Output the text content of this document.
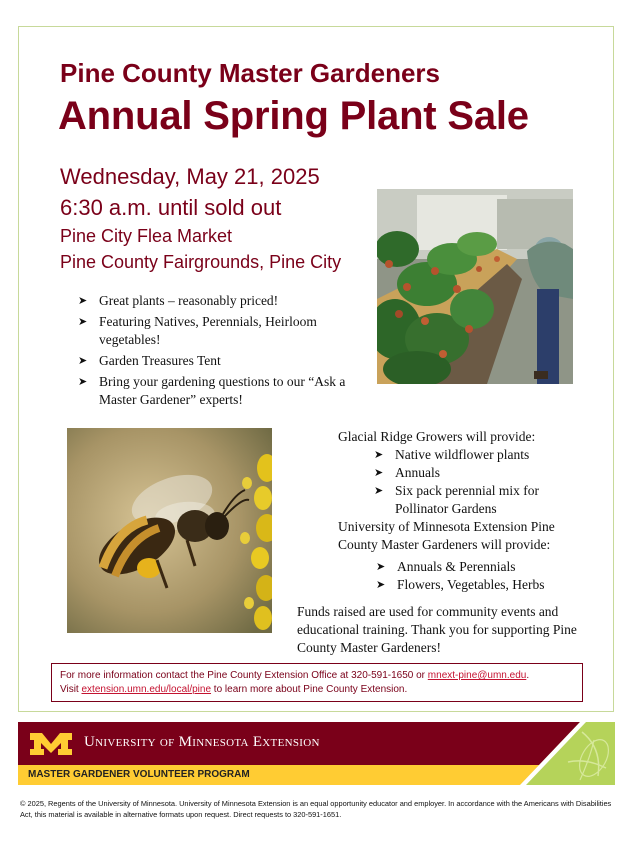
Pine County Master Gardeners
Annual Spring Plant Sale
Wednesday, May 21, 2025
6:30 a.m. until sold out
Pine City Flea Market
Pine County Fairgrounds, Pine City
➤ Great plants – reasonably priced!
➤ Featuring Natives, Perennials, Heirloom vegetables!
➤ Garden Treasures Tent
➤ Bring your gardening questions to our “Ask a Master Gardener” experts!
Glacial Ridge Growers will provide:
➤ Native wildflower plants
➤ Annuals
➤ Six pack perennial mix for Pollinator Gardens
University of Minnesota Extension Pine County Master Gardeners will provide:
➤ Annuals & Perennials
➤ Flowers, Vegetables, Herbs
Funds raised are used for community events and educational training. Thank you for supporting Pine County Master Gardeners!
For more information contact the Pine County Extension Office at 320-591-1650 or mnext-pine@umn.edu.
Visit extension.umn.edu/local/pine to learn more about Pine County Extension.
University of Minnesota Extension
MASTER GARDENER VOLUNTEER PROGRAM
© 2025, Regents of the University of Minnesota. University of Minnesota Extension is an equal opportunity educator and employer. In accordance with the Americans with Disabilities Act, this material is available in alternative formats upon request. Direct requests to 320-591-1651.
